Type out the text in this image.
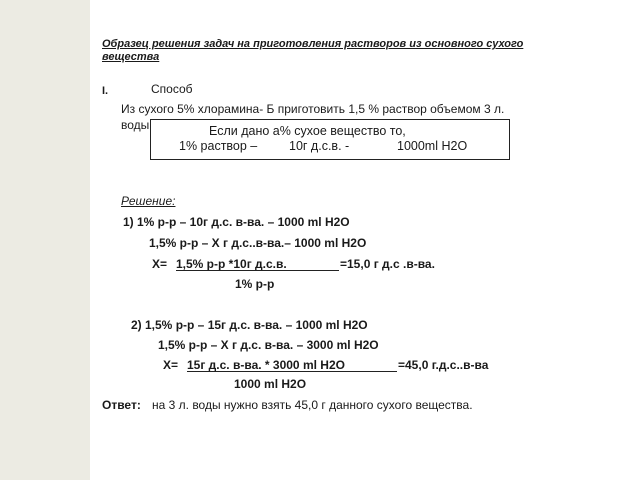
Образец решения задач на приготовления растворов из основного сухого
вещества
I.	Способ
Из сухого 5% хлорамина- Б приготовить 1,5 % раствор объемом 3 л.
воды	Если дано а% сухое вещество то,
1% раствор –	10г д.с.в. -	1000ml H2O
Решение:
1) 1% р-р – 10г д.с. в-ва. – 1000 ml H2O
1,5% р-р – Х г д.с..в-ва.– 1000 ml H2O
Х= 1,5% р-р *10г д.с.в.	=15,0 г д.с .в-ва.
1% р-р
2) 1,5% р-р – 15г д.с. в-ва. – 1000 ml H2O
1,5% р-р – Х г д.с. в-ва. – 3000 ml H2O
Х= 15г д.с. в-ва. * 3000 ml H2O	=45,0 г.д.с..в-ва
1000 ml H2O
Ответ: на 3 л. воды нужно взять 45,0 г данного сухого вещества.
